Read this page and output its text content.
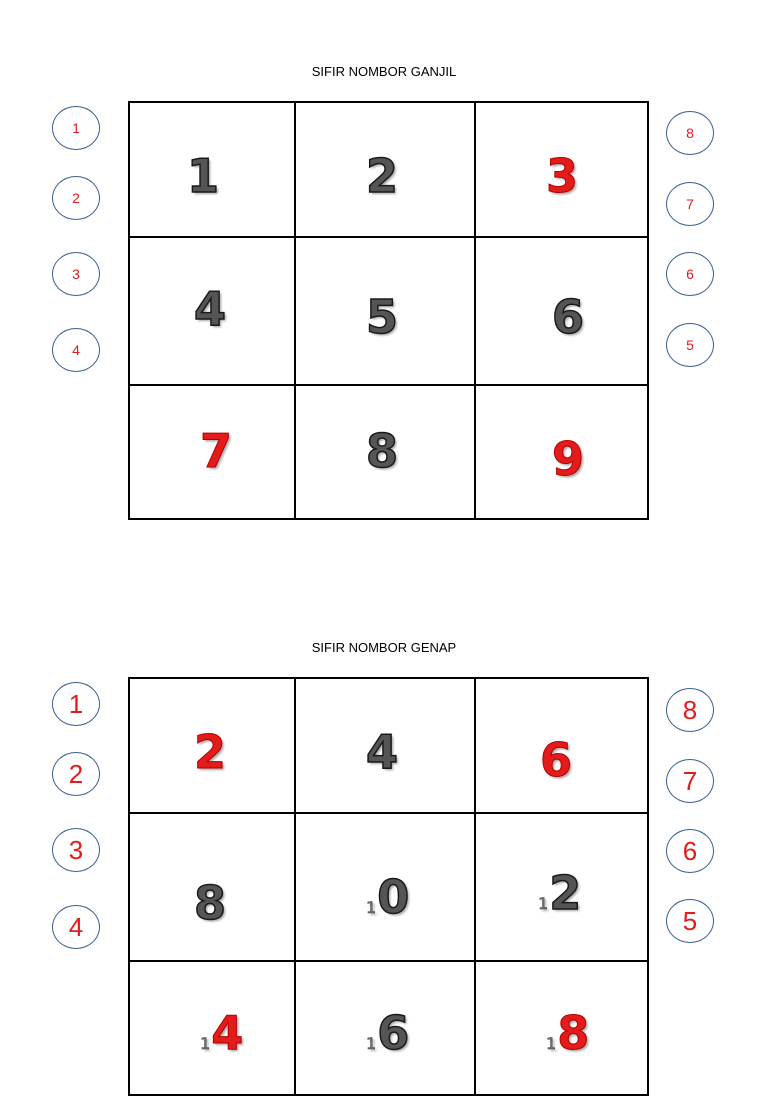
SIFIR NOMBOR GANJIL
1	2	3

4	5	6

7	8	9
1
2
3
4
8
7
6
5
SIFIR NOMBOR GENAP
2	4	6

8	10	12

14	16	18
1
2
3
4
8
7
6
5
